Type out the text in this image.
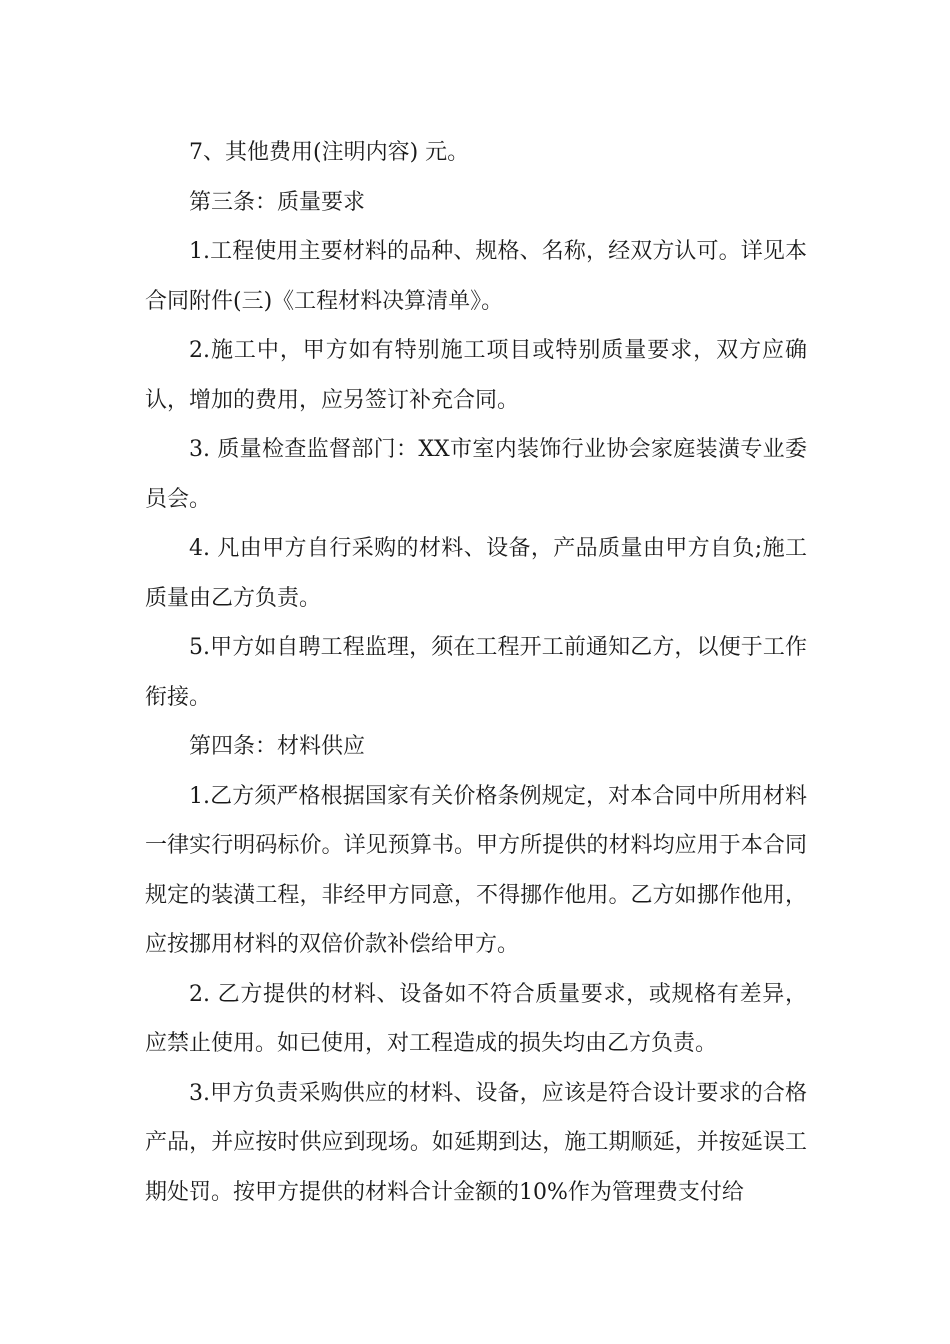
7、其他费用(注明内容) 元。

第三条：质量要求

1.工程使用主要材料的品种、规格、名称，经双方认可。详见本合同附件(三)《工程材料决算清单》。

2.施工中，甲方如有特别施工项目或特别质量要求，双方应确认，增加的费用，应另签订补充合同。

3. 质量检查监督部门：XX市室内装饰行业协会家庭装潢专业委员会。

4. 凡由甲方自行采购的材料、设备，产品质量由甲方自负;施工质量由乙方负责。

5.甲方如自聘工程监理，须在工程开工前通知乙方，以便于工作衔接。

第四条：材料供应

1.乙方须严格根据国家有关价格条例规定，对本合同中所用材料一律实行明码标价。详见预算书。甲方所提供的材料均应用于本合同规定的装潢工程，非经甲方同意，不得挪作他用。乙方如挪作他用，应按挪用材料的双倍价款补偿给甲方。

2. 乙方提供的材料、设备如不符合质量要求，或规格有差异，应禁止使用。如已使用，对工程造成的损失均由乙方负责。

3.甲方负责采购供应的材料、设备，应该是符合设计要求的合格产品，并应按时供应到现场。如延期到达，施工期顺延，并按延误工期处罚。按甲方提供的材料合计金额的10%作为管理费支付给
